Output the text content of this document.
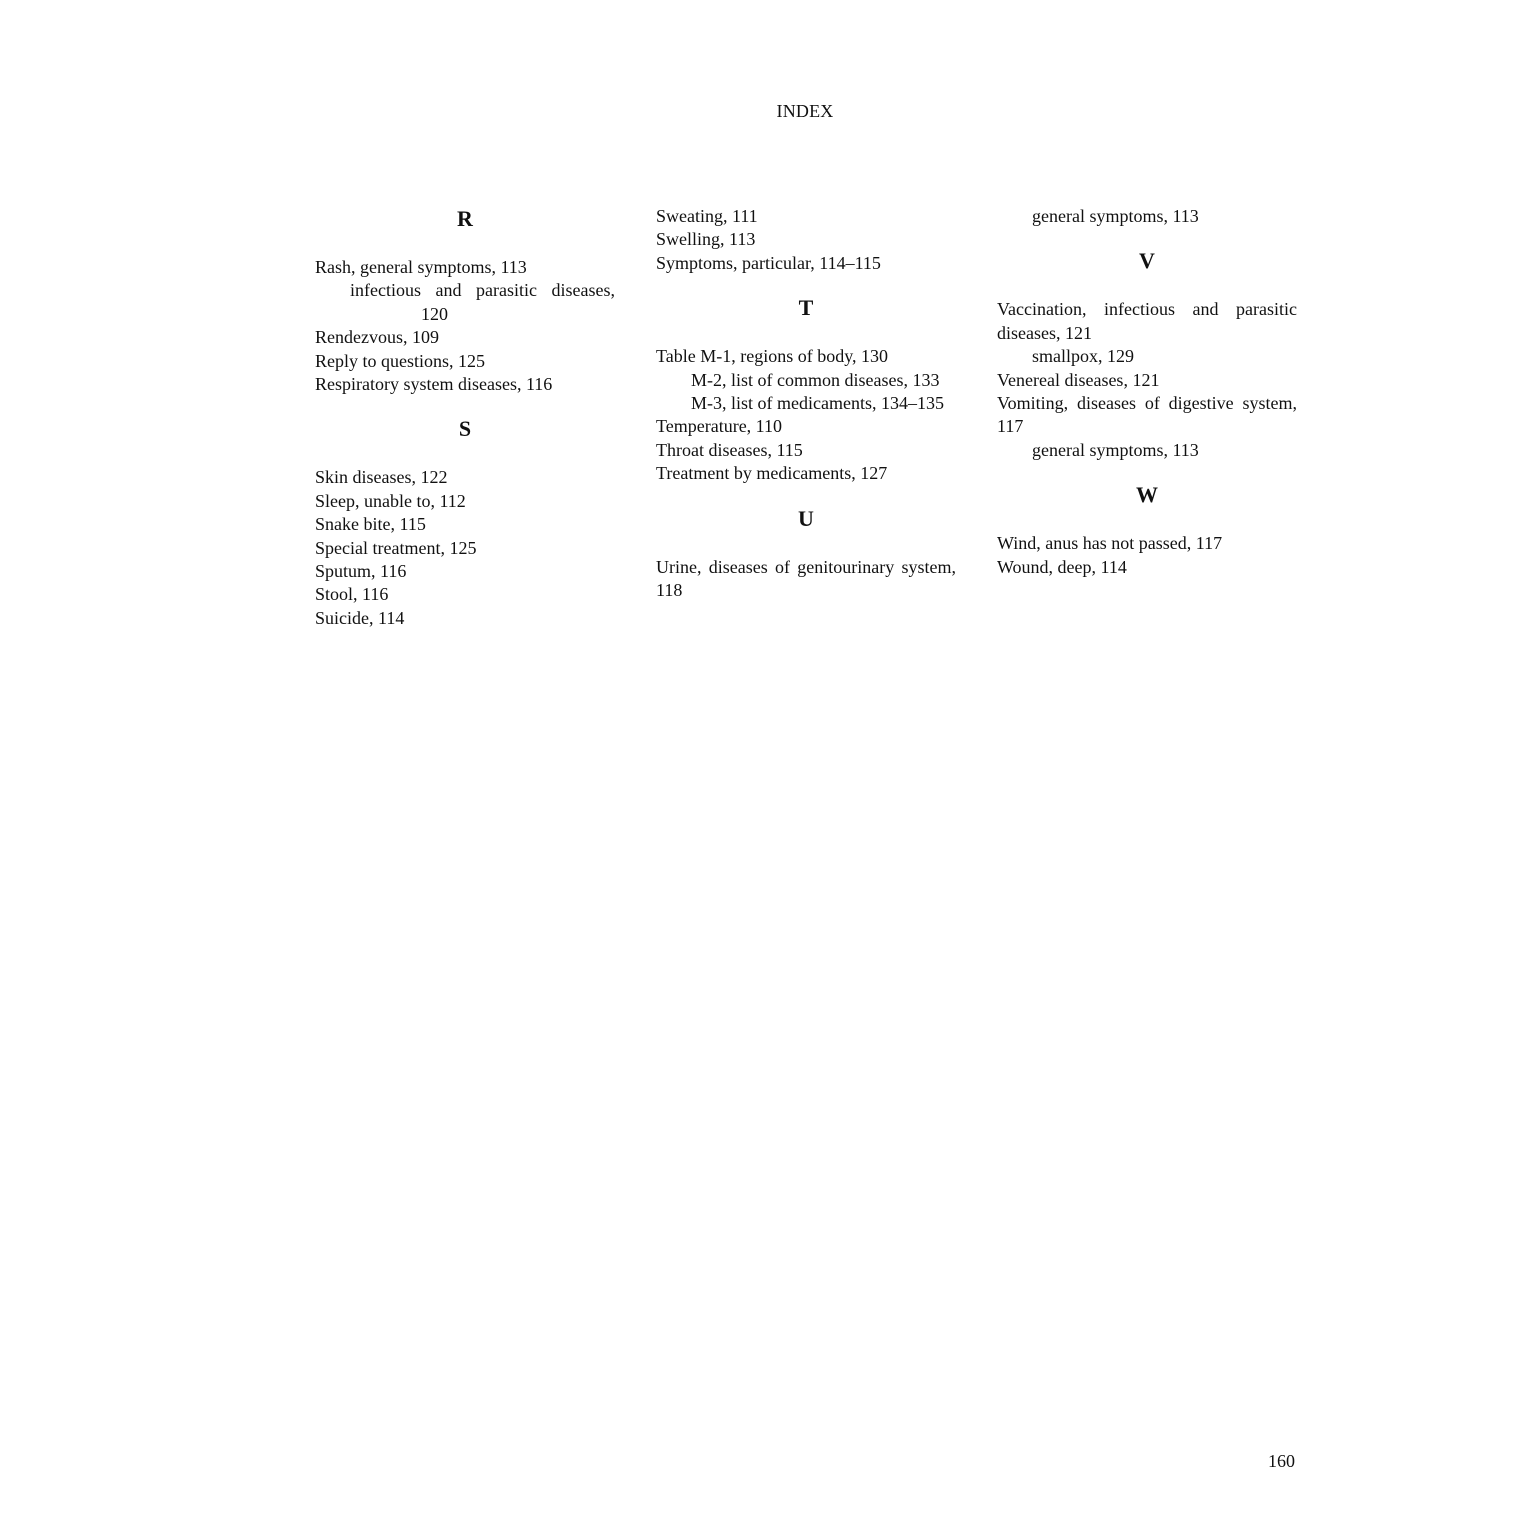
INDEX
R
Rash, general symptoms, 113
infectious and parasitic diseases, 120
Rendezvous, 109
Reply to questions, 125
Respiratory system diseases, 116
S
Skin diseases, 122
Sleep, unable to, 112
Snake bite, 115
Special treatment, 125
Sputum, 116
Stool, 116
Suicide, 114
Sweating, 111
Swelling, 113
Symptoms, particular, 114–115
T
Table M-1, regions of body, 130
M-2, list of common diseases, 133
M-3, list of medicaments, 134–135
Temperature, 110
Throat diseases, 115
Treatment by medicaments, 127
U
Urine, diseases of genitourinary system, 118
general symptoms, 113
V
Vaccination, infectious and parasitic diseases, 121
smallpox, 129
Venereal diseases, 121
Vomiting, diseases of digestive system, 117
general symptoms, 113
W
Wind, anus has not passed, 117
Wound, deep, 114
160
